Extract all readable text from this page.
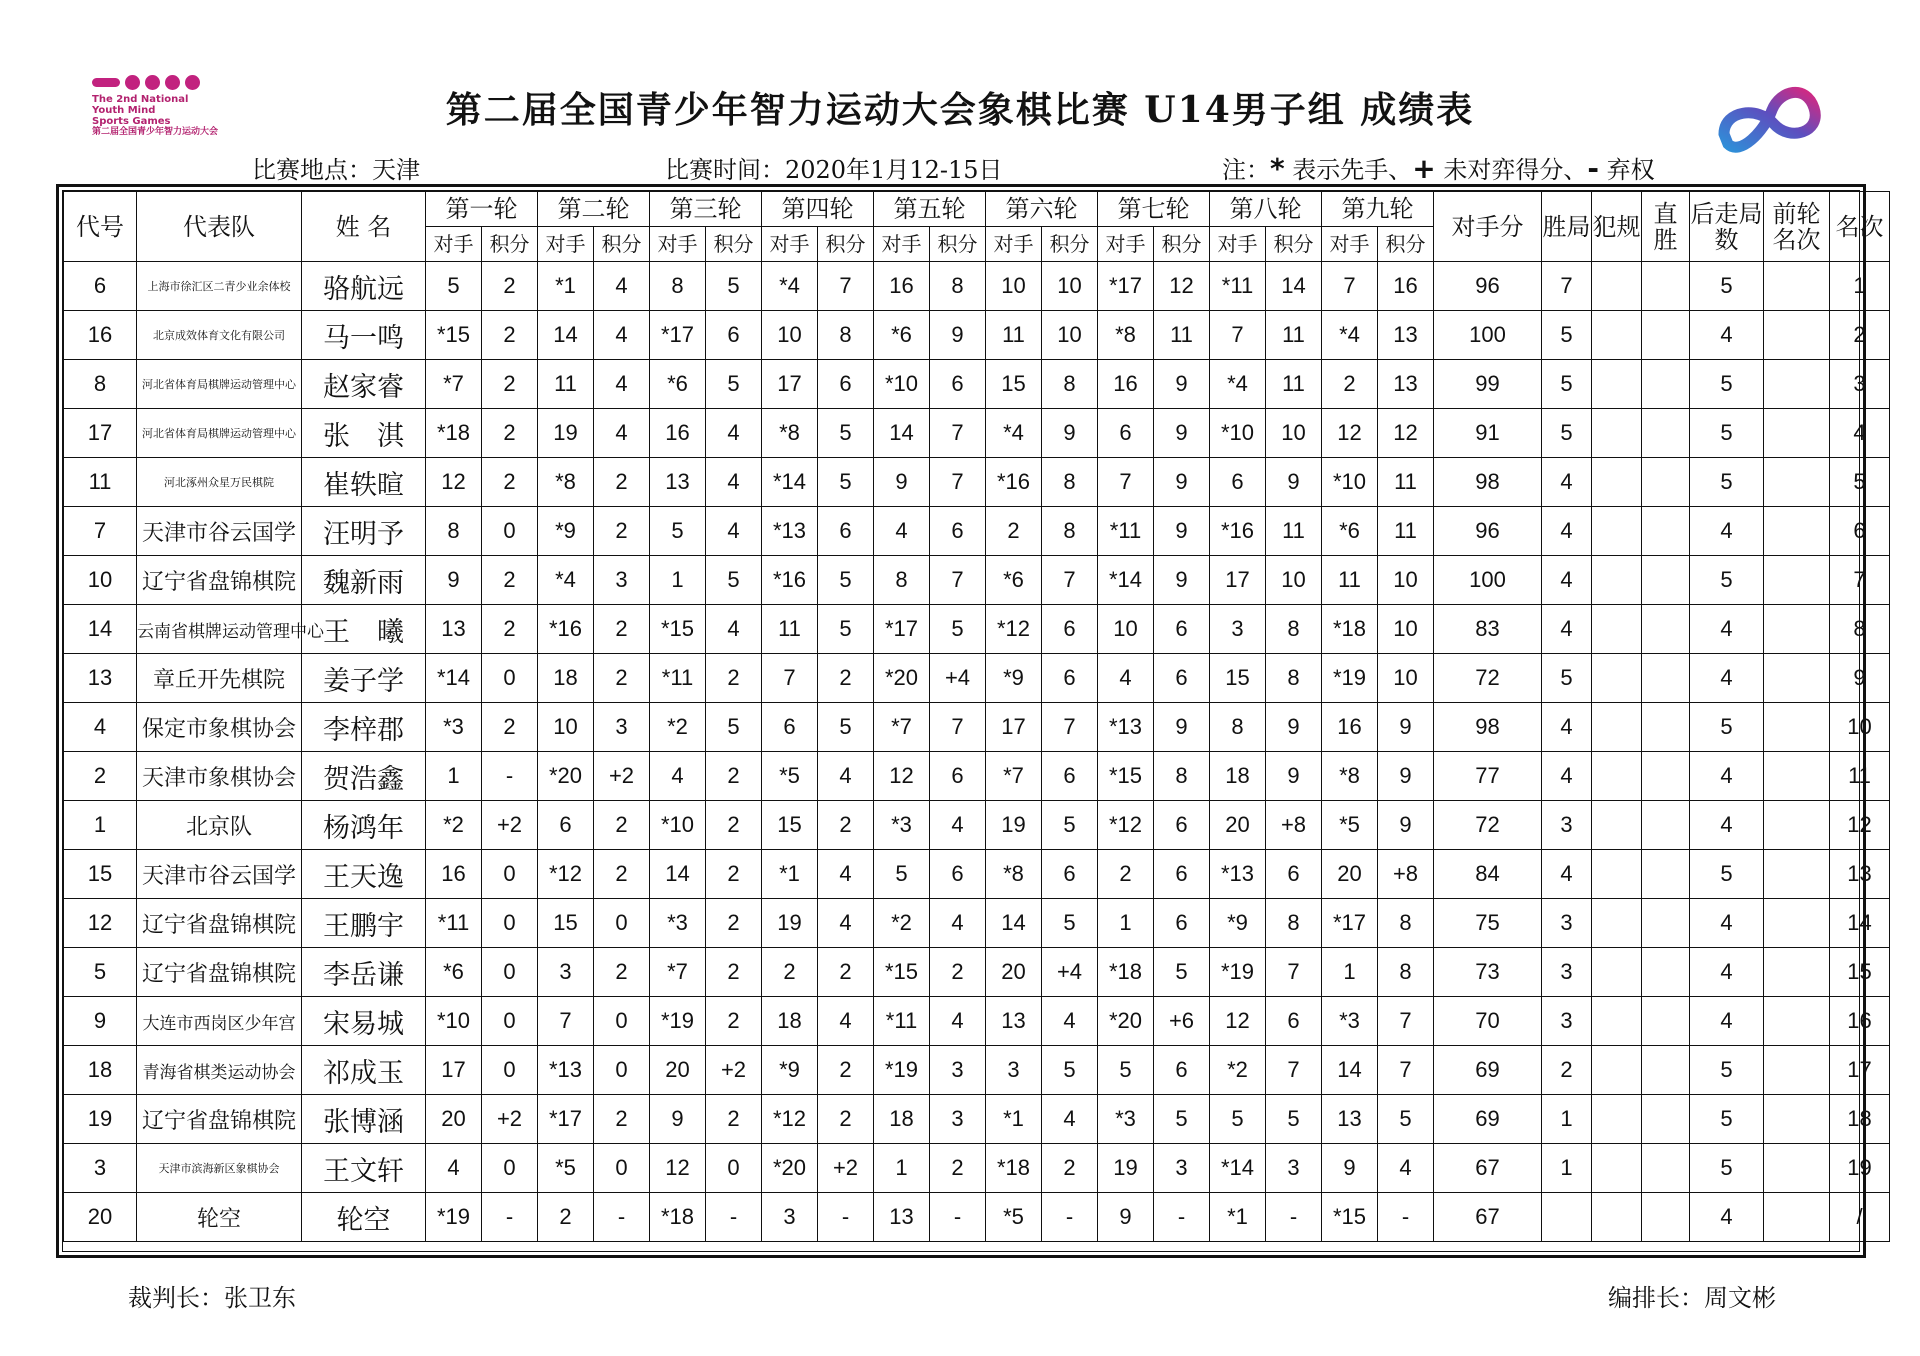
The 2nd National
Youth Mind
Sports Games
第二届全国青少年智力运动大会
第二届全国青少年智力运动大会象棋比赛 U14男子组 成绩表
比赛地点：天津	比赛时间：2020年1月12-15日	注：* 表示先手、+ 未对弈得分、- 弃权
代号	代表队	姓 名	第一轮		第二轮		第三轮		第四轮		第五轮		第六轮		第七轮		第八轮		第九轮		对手分	胜局	犯规	直胜	后走局数	前轮名次	名次
			对手	积分	对手	积分	对手	积分	对手	积分	对手	积分	对手	积分	对手	积分	对手	积分	对手	积分							
6	上海市徐汇区二青少业余体校	骆航远	5	2	*1	4	8	5	*4	7	16	8	10	10	*17	12	*11	14	7	16	96	7			5		1
16	北京成效体育文化有限公司	马一鸣	*15	2	14	4	*17	6	10	8	*6	9	11	10	*8	11	7	11	*4	13	100	5			4		2
8	河北省体育局棋牌运动管理中心	赵家睿	*7	2	11	4	*6	5	17	6	*10	6	15	8	16	9	*4	11	2	13	99	5			5		3
17	河北省体育局棋牌运动管理中心	张　淇	*18	2	19	4	16	4	*8	5	14	7	*4	9	6	9	*10	10	12	12	91	5			5		4
11	河北涿州众星万民棋院	崔轶暄	12	2	*8	2	13	4	*14	5	9	7	*16	8	7	9	6	9	*10	11	98	4			5		5
7	天津市谷云国学	汪明予	8	0	*9	2	5	4	*13	6	4	6	2	8	*11	9	*16	11	*6	11	96	4			4		6
10	辽宁省盘锦棋院	魏新雨	9	2	*4	3	1	5	*16	5	8	7	*6	7	*14	9	17	10	11	10	100	4			5		7
14	云南省棋牌运动管理中心	王　曦	13	2	*16	2	*15	4	11	5	*17	5	*12	6	10	6	3	8	*18	10	83	4			4		8
13	章丘开先棋院	姜子学	*14	0	18	2	*11	2	7	2	*20	+4	*9	6	4	6	15	8	*19	10	72	5			4		9
4	保定市象棋协会	李梓郡	*3	2	10	3	*2	5	6	5	*7	7	17	7	*13	9	8	9	16	9	98	4			5		10
2	天津市象棋协会	贺浩鑫	1	-	*20	+2	4	2	*5	4	12	6	*7	6	*15	8	18	9	*8	9	77	4			4		11
1	北京队	杨鸿年	*2	+2	6	2	*10	2	15	2	*3	4	19	5	*12	6	20	+8	*5	9	72	3			4		12
15	天津市谷云国学	王天逸	16	0	*12	2	14	2	*1	4	5	6	*8	6	2	6	*13	6	20	+8	84	4			5		13
12	辽宁省盘锦棋院	王鹏宇	*11	0	15	0	*3	2	19	4	*2	4	14	5	1	6	*9	8	*17	8	75	3			4		14
5	辽宁省盘锦棋院	李岳谦	*6	0	3	2	*7	2	2	2	*15	2	20	+4	*18	5	*19	7	1	8	73	3			4		15
9	大连市西岗区少年宫	宋易城	*10	0	7	0	*19	2	18	4	*11	4	13	4	*20	+6	12	6	*3	7	70	3			4		16
18	青海省棋类运动协会	祁成玉	17	0	*13	0	20	+2	*9	2	*19	3	3	5	5	6	*2	7	14	7	69	2			5		17
19	辽宁省盘锦棋院	张博涵	20	+2	*17	2	9	2	*12	2	18	3	*1	4	*3	5	5	5	13	5	69	1			5		18
3	天津市滨海新区象棋协会	王文轩	4	0	*5	0	12	0	*20	+2	1	2	*18	2	19	3	*14	3	9	4	67	1			5		19
20	轮空	轮空	*19	-	2	-	*18	-	3	-	13	-	*5	-	9	-	*1	-	*15	-	67				4		/
裁判长：张卫东	编排长：周文彬
